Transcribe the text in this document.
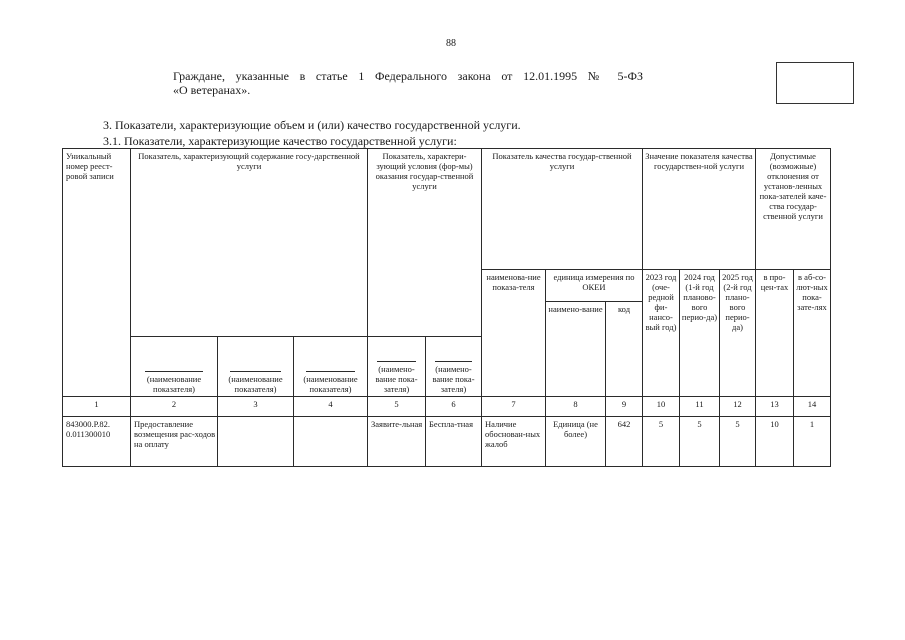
88
Граждане, указанные в статье 1 Федерального закона от 12.01.1995 № 5-ФЗ
«О ветеранах».
3. Показатели, характеризующие объем и (или) качество государственной услуги.
3.1. Показатели, характеризующие качество государственной услуги:
Уникальный номер реест-ровой записи	Показатель, характеризующий содержание госу-дарственной услуги			Показатель, характери-зующий условия (фор-мы) оказания государ-ственной услуги		Показатель качества государ-ственной услуги			Значение показателя качества государствен-ной услуги			Допустимые (возможные) отклонения от установ-ленных пока-зателей каче-ства государ-ственной услуги	
						наименова-ние показа-теля	единица измерения по ОКЕИ		2023 год (оче-редной фи-нансо-вый год)	2024 год (1-й год планово-вого перио-да)	2025 год (2-й год плано-вого перио-да)	в про-цен-тах	в аб-со-лют-ных пока-зате-лях
							наимено-вание	код					

(наименование показателя)	(наименование показателя)	(наименование показателя)	(наимено-вание пока-зателя)	(наимено-вание пока-зателя)								
1	2	3	4	5	6	7	8	9	10	11	12	13	14
843000.Р.82. 0.011300010	Предоставление возмещения рас-ходов на оплату			Заявите-льная	Беспла-тная	Наличие обоснован-ных жалоб	Единица (не более)	642	5	5	5	10	1
